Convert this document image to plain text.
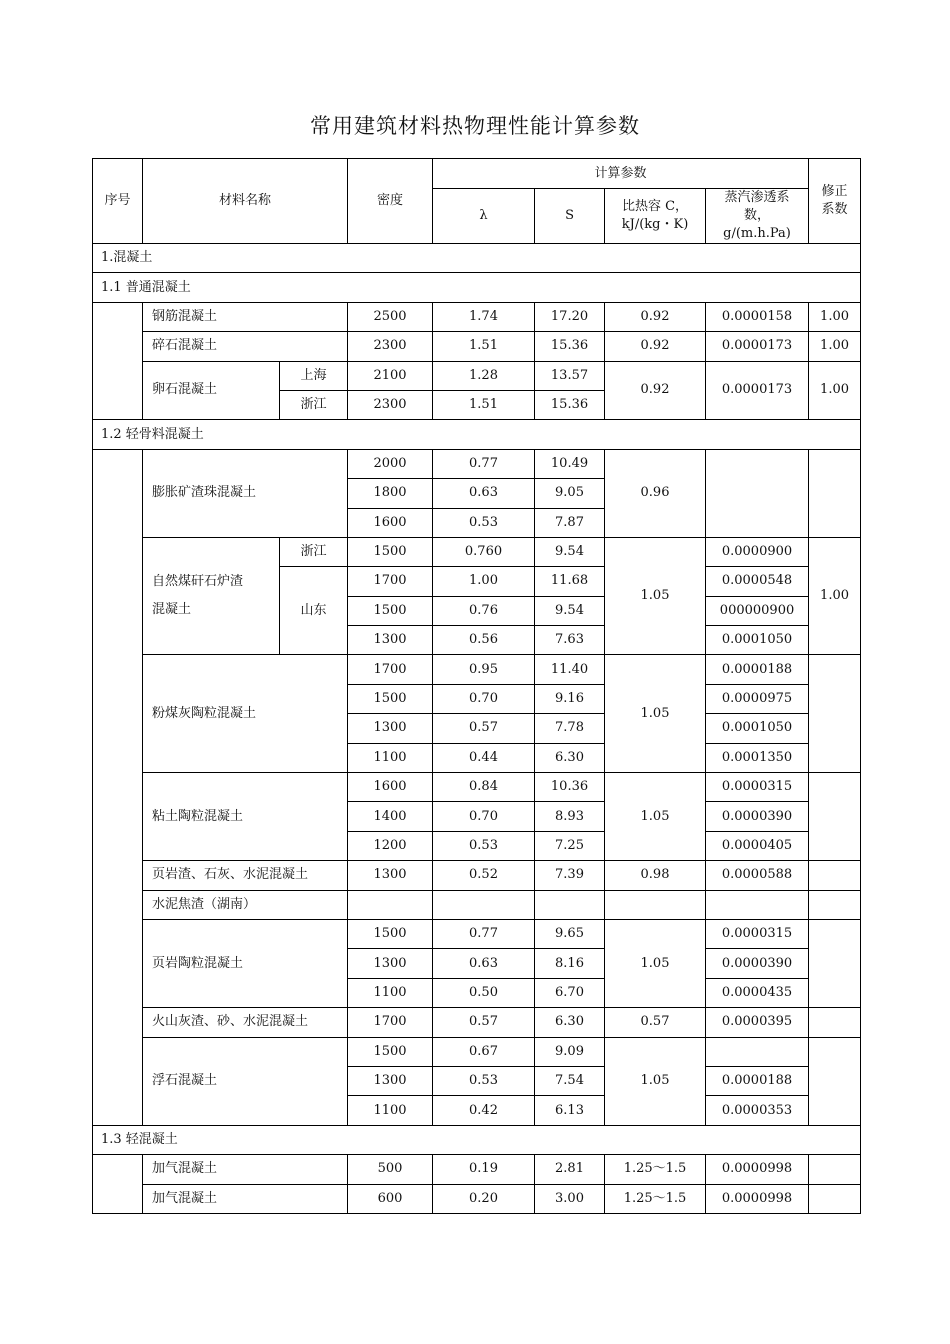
常用建筑材料热物理性能计算参数
序号	材料名称		密度	计算参数				修正系数
				λ	S	比热容 C，kJ/(kg・K)	蒸汽渗透系数，g/(m.h.Pa)	
1.混凝土								
1.1 普通混凝土								
	钢筋混凝土		2500	1.74	17.20	0.92	0.0000158	1.00
	碎石混凝土		2300	1.51	15.36	0.92	0.0000173	1.00
	卵石混凝土	上海	2100	1.28	13.57	0.92	0.0000173	1.00
		浙江	2300	1.51	15.36			
1.2 轻骨料混凝土								
	膨胀矿渣珠混凝土		2000	0.77	10.49	0.96		
			1800	0.63	9.05			
			1600	0.53	7.87			
	自然煤矸石炉渣混凝土	浙江	1500	0.760	9.54	1.05	0.0000900	1.00
		山东	1700	1.00	11.68		0.0000548	
			1500	0.76	9.54		000000900	
			1300	0.56	7.63		0.0001050	
	粉煤灰陶粒混凝土		1700	0.95	11.40	1.05	0.0000188	
			1500	0.70	9.16		0.0000975	
			1300	0.57	7.78		0.0001050	
			1100	0.44	6.30		0.0001350	
	粘土陶粒混凝土		1600	0.84	10.36	1.05	0.0000315	
			1400	0.70	8.93		0.0000390	
			1200	0.53	7.25		0.0000405	
	页岩渣、石灰、水泥混凝土		1300	0.52	7.39	0.98	0.0000588	
	水泥焦渣（湖南）							
	页岩陶粒混凝土		1500	0.77	9.65	1.05	0.0000315	
			1300	0.63	8.16		0.0000390	
			1100	0.50	6.70		0.0000435	
	火山灰渣、砂、水泥混凝土		1700	0.57	6.30	0.57	0.0000395	
	浮石混凝土		1500	0.67	9.09	1.05		
			1300	0.53	7.54		0.0000188	
			1100	0.42	6.13		0.0000353	
1.3 轻混凝土								
	加气混凝土		500	0.19	2.81	1.25～1.5	0.0000998	
	加气混凝土		600	0.20	3.00	1.25～1.5	0.0000998	
